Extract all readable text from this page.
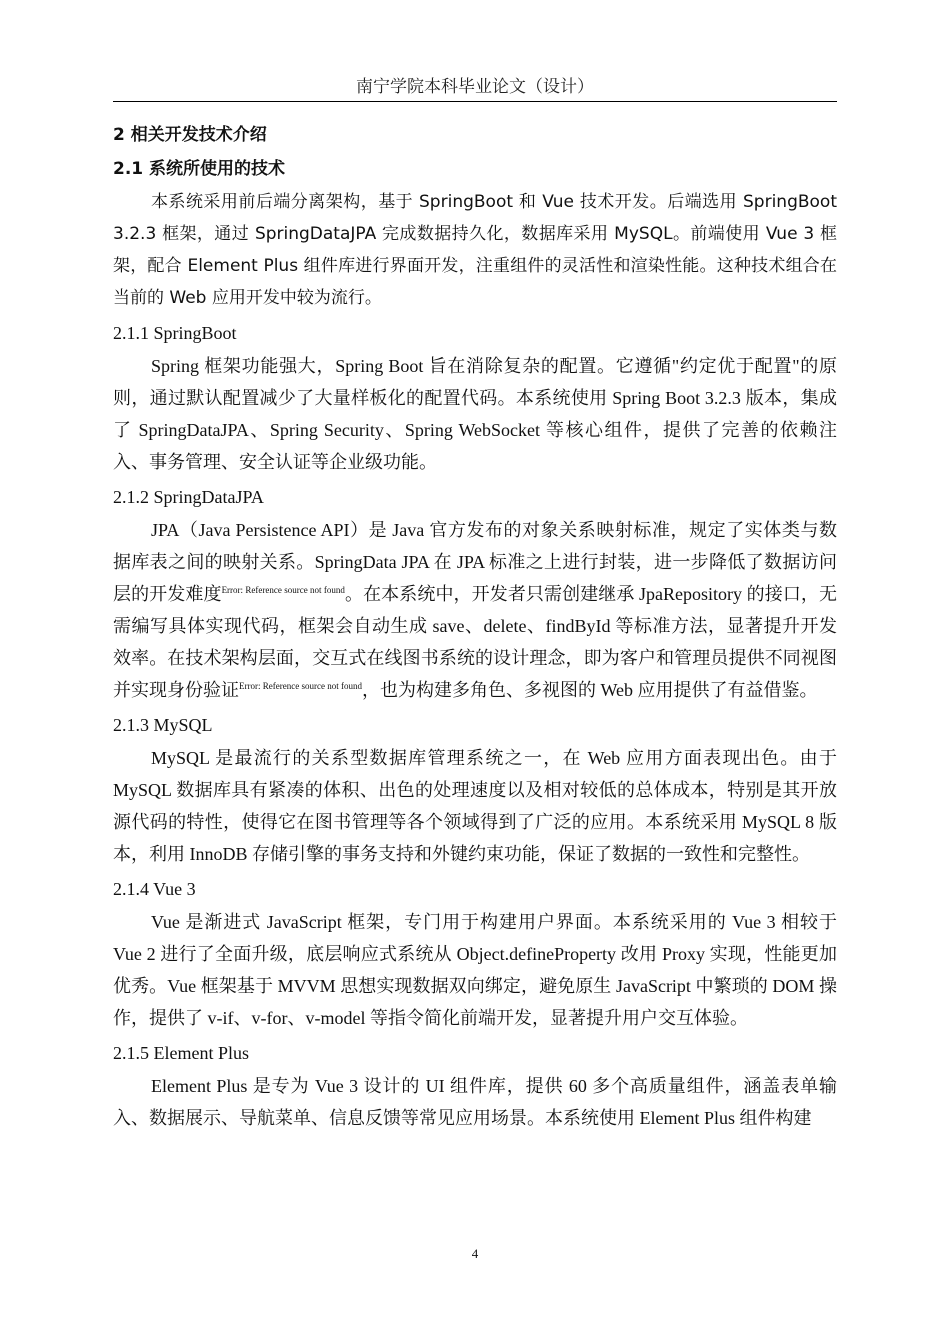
南宁学院本科毕业论文（设计）

2 相关开发技术介绍

2.1 系统所使用的技术

本系统采用前后端分离架构，基于 SpringBoot 和 Vue 技术开发。后端选用 SpringBoot 3.2.3 框架，通过 SpringDataJPA 完成数据持久化，数据库采用 MySQL。前端使用 Vue 3 框架，配合 Element Plus 组件库进行界面开发，注重组件的灵活性和渲染性能。这种技术组合在当前的 Web 应用开发中较为流行。

2.1.1 SpringBoot

Spring 框架功能强大，Spring Boot 旨在消除复杂的配置。它遵循"约定优于配置"的原则，通过默认配置减少了大量样板化的配置代码。本系统使用 Spring Boot 3.2.3 版本，集成了 SpringDataJPA、Spring Security、Spring WebSocket 等核心组件，提供了完善的依赖注入、事务管理、安全认证等企业级功能。

2.1.2 SpringDataJPA

JPA（Java Persistence API）是 Java 官方发布的对象关系映射标准，规定了实体类与数据库表之间的映射关系。SpringData JPA 在 JPA 标准之上进行封装，进一步降低了数据访问层的开发难度$^{Error: Reference source not found}$。在本系统中，开发者只需创建继承 JpaRepository 的接口，无需编写具体实现代码，框架会自动生成 save、delete、findById 等标准方法，显著提升开发效率。在技术架构层面，交互式在线图书系统的设计理念，即为客户和管理员提供不同视图并实现身份验证$^{Error: Reference source not found}$，也为构建多角色、多视图的 Web 应用提供了有益借鉴。

2.1.3 MySQL

MySQL 是最流行的关系型数据库管理系统之一，在 Web 应用方面表现出色。由于 MySQL 数据库具有紧凑的体积、出色的处理速度以及相对较低的总体成本，特别是其开放源代码的特性，使得它在图书管理等各个领域得到了广泛的应用。本系统采用 MySQL 8 版本，利用 InnoDB 存储引擎的事务支持和外键约束功能，保证了数据的一致性和完整性。

2.1.4 Vue 3

Vue 是渐进式 JavaScript 框架，专门用于构建用户界面。本系统采用的 Vue 3 相较于 Vue 2 进行了全面升级，底层响应式系统从 Object.defineProperty 改用 Proxy 实现，性能更加优秀。Vue 框架基于 MVVM 思想实现数据双向绑定，避免原生 JavaScript 中繁琐的 DOM 操作，提供了 v-if、v-for、v-model 等指令简化前端开发，显著提升用户交互体验。

2.1.5 Element Plus

Element Plus 是专为 Vue 3 设计的 UI 组件库，提供 60 多个高质量组件，涵盖表单输入、数据展示、导航菜单、信息反馈等常见应用场景。本系统使用 Element Plus 组件构建

4
